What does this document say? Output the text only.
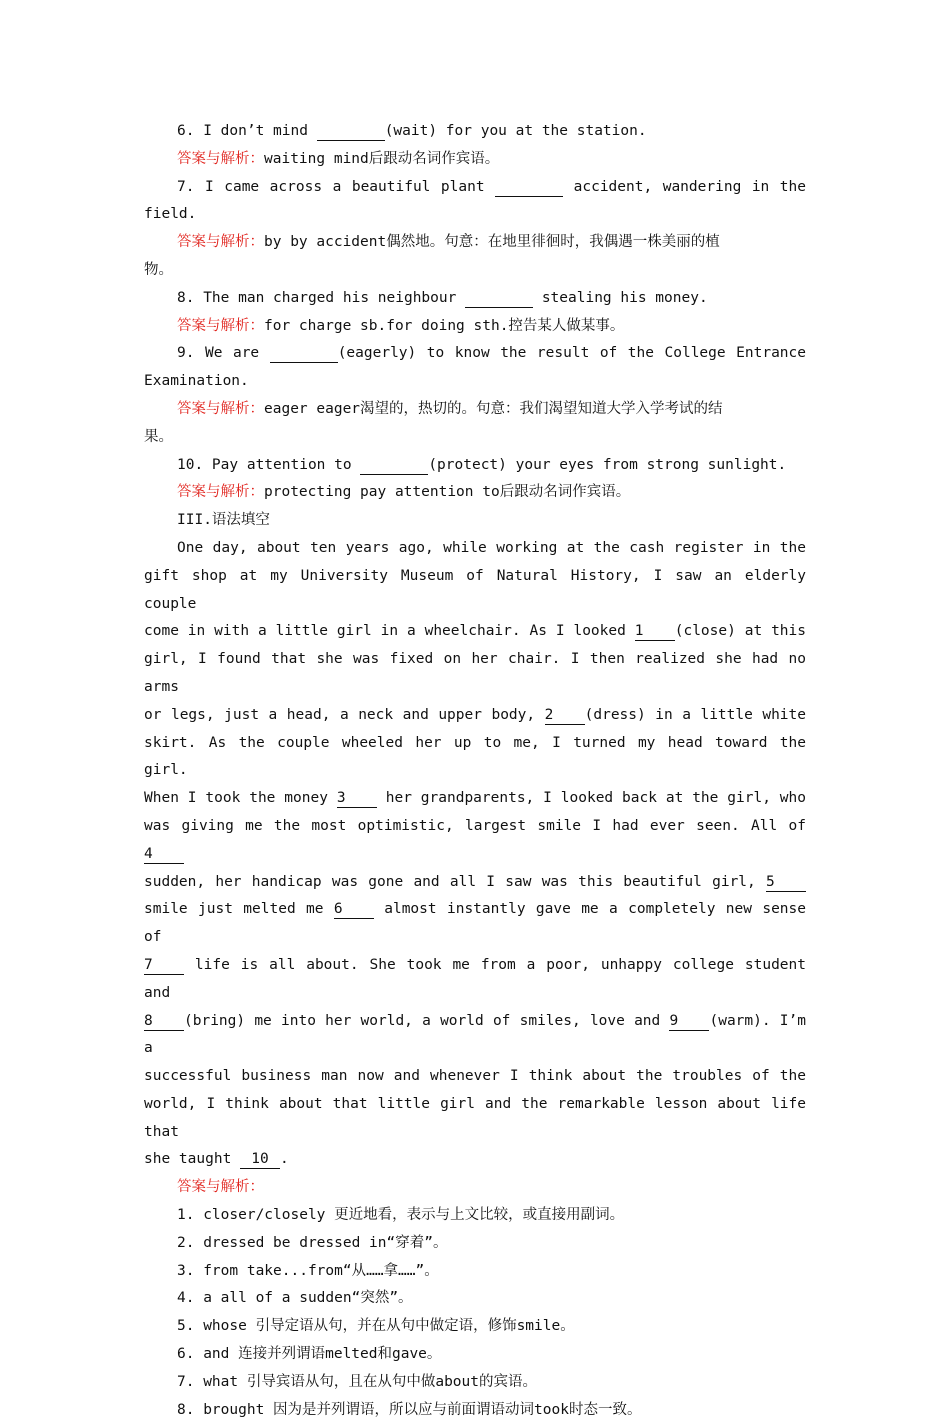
6. I don’t mind	(wait) for you at the station.
答案与解析：waiting mind后跟动名词作宾语。
7. I came across a beautiful plant	accident, wandering in the
field.
答案与解析：by by accident偶然地。句意：在地里徘徊时，我偶遇一株美丽的植
物。
8. The man charged his neighbour	stealing his money.
答案与解析：for charge sb.for doing sth.控告某人做某事。
9. We are	(eagerly) to know the result of the College Entrance
Examination.
答案与解析：eager eager渴望的，热切的。句意：我们渴望知道大学入学考试的结
果。
10. Pay attention to	(protect) your eyes from strong sunlight.
答案与解析：protecting pay attention to后跟动名词作宾语。
III.语法填空
One day, about ten years ago, while working at the cash register in the
gift shop at my University Museum of Natural History, I saw an elderly couple
come in with a little girl in a wheelchair. As I looked 1 (close) at this
girl, I found that she was fixed on her chair. I then realized she had no arms
or legs, just a head, a neck and upper body, 2 (dress) in a little white
skirt. As the couple wheeled her up to me, I turned my head toward the girl.
When I took the money 3 her grandparents, I looked back at the girl, who
was giving me the most optimistic, largest smile I had ever seen. All of 4
sudden, her handicap was gone and all I saw was this beautiful girl, 5
smile just melted me 6 almost instantly gave me a completely new sense of
7 life is all about. She took me from a poor, unhappy college student and
8 (bring) me into her world, a world of smiles, love and 9 (warm). I’m a
successful business man now and whenever I think about the troubles of the
world, I think about that little girl and the remarkable lesson about life that
she taught 10 .
答案与解析：
1. closer/closely 更近地看，表示与上文比较，或直接用副词。
2. dressed be dressed in“穿着”。
3. from take...from“从……拿……”。
4. a all of a sudden“突然”。
5. whose 引导定语从句，并在从句中做定语，修饰smile。
6. and 连接并列谓语melted和gave。
7. what 引导宾语从句，且在从句中做about的宾语。
8. brought 因为是并列谓语，所以应与前面谓语动词took时态一致。
